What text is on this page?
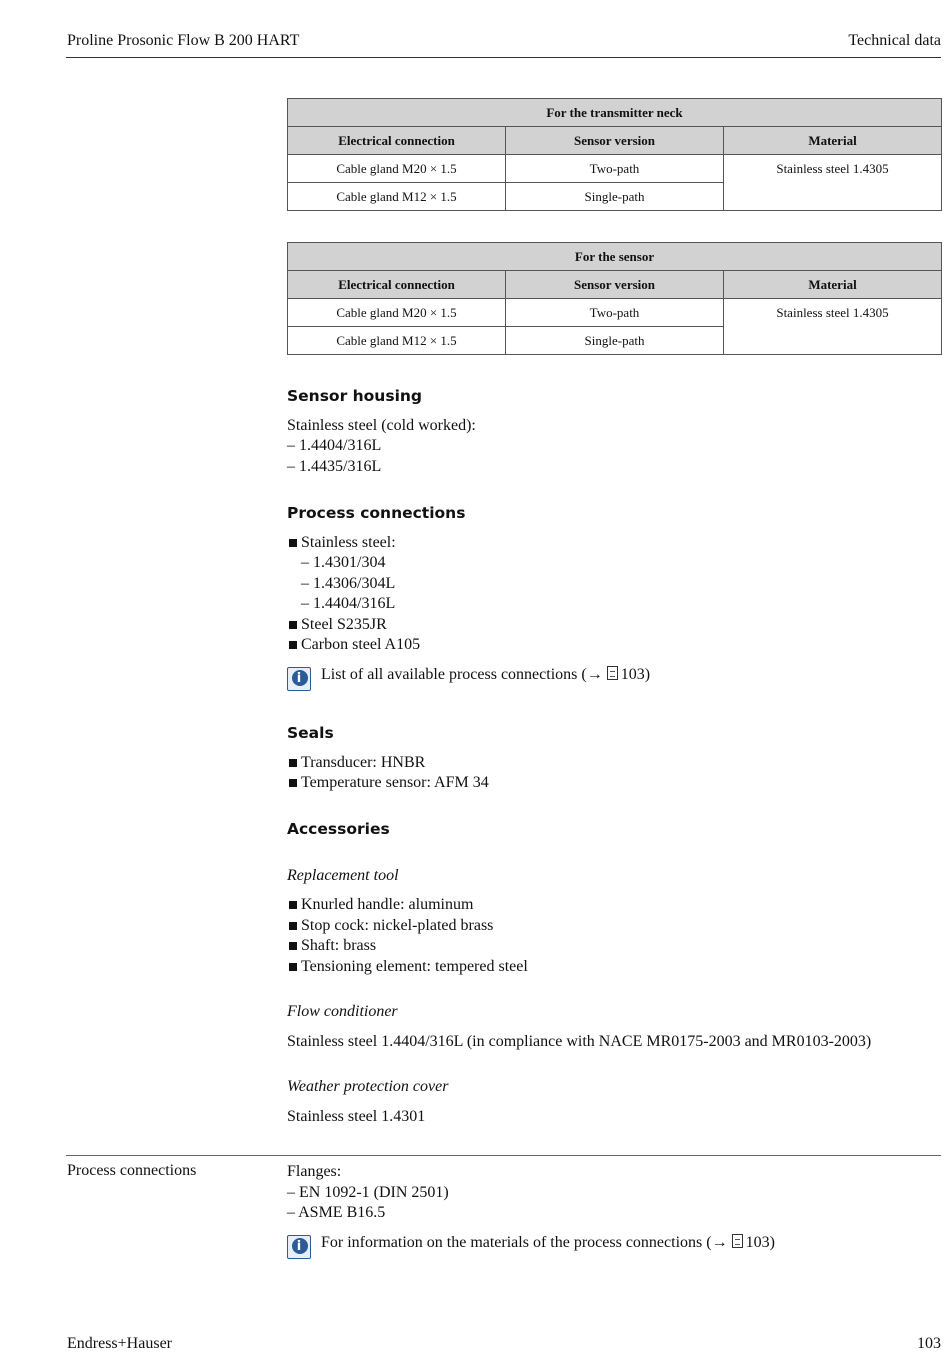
Proline Prosonic Flow B 200 HART	Technical data
For the transmitter neck		
Electrical connection	Sensor version	Material
Cable gland M20 × 1.5	Two-path	Stainless steel 1.4305
Cable gland M12 × 1.5	Single-path	
For the sensor		
Electrical connection	Sensor version	Material
Cable gland M20 × 1.5	Two-path	Stainless steel 1.4305
Cable gland M12 × 1.5	Single-path	
Sensor housing

Stainless steel (cold worked):

– 1.4404/316L

– 1.4435/316L

Process connections
Stainless steel:
– 1.4301/304
– 1.4306/304L
– 1.4404/316L
Steel S235JR
Carbon steel A105
i	List of all available process connections (→ 103)
Seals
Transducer: HNBR
Temperature sensor: AFM 34
Accessories
Replacement tool
Knurled handle: aluminum
Stop cock: nickel-plated brass
Shaft: brass
Tensioning element: tempered steel
Flow conditioner

Stainless steel 1.4404/316L (in compliance with NACE MR0175-2003 and MR0103-2003)

Weather protection cover

Stainless steel 1.4301

Process connections	Flanges:

– EN 1092-1 (DIN 2501)

– ASME B16.5

i	For information on the materials of the process connections (→ 103)
Endress+Hauser	103
